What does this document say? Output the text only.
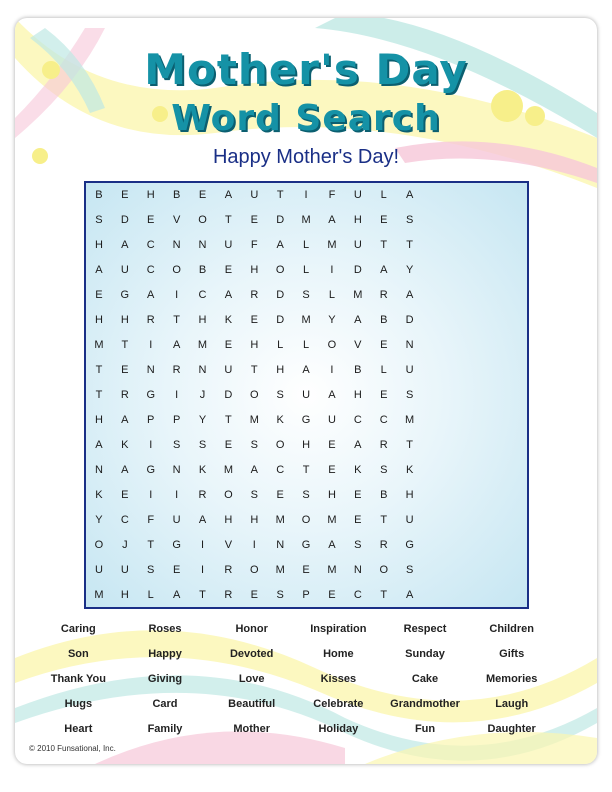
Mother's Day
Word Search
Happy Mother's Day!
B	E	H	B	E	A	U	T	I	F	U	L	A
S	D	E	V	O	T	E	D	M	A	H	E	S
H	A	C	N	N	U	F	A	L	M	U	T	T
A	U	C	O	B	E	H	O	L	I	D	A	Y
E	G	A	I	C	A	R	D	S	L	M	R	A
H	H	R	T	H	K	E	D	M	Y	A	B	D
M	T	I	A	M	E	H	L	L	O	V	E	N
T	E	N	R	N	U	T	H	A	I	B	L	U
T	R	G	I	J	D	O	S	U	A	H	E	S
H	A	P	P	Y	T	M	K	G	U	C	C	M
A	K	I	S	S	E	S	O	H	E	A	R	T
N	A	G	N	K	M	A	C	T	E	K	S	K
K	E	I	I	R	O	S	E	S	H	E	B	H
Y	C	F	U	A	H	H	M	O	M	E	T	U
O	J	T	G	I	V	I	N	G	A	S	R	G
U	U	S	E	I	R	O	M	E	M	N	O	S
M	H	L	A	T	R	E	S	P	E	C	T	A
Caring	Roses	Honor	Inspiration	Respect	Children
Son	Happy	Devoted	Home	Sunday	Gifts
Thank You	Giving	Love	Kisses	Cake	Memories
Hugs	Card	Beautiful	Celebrate	Grandmother	Laugh
Heart	Family	Mother	Holiday	Fun	Daughter
© 2010 Funsational, Inc.
